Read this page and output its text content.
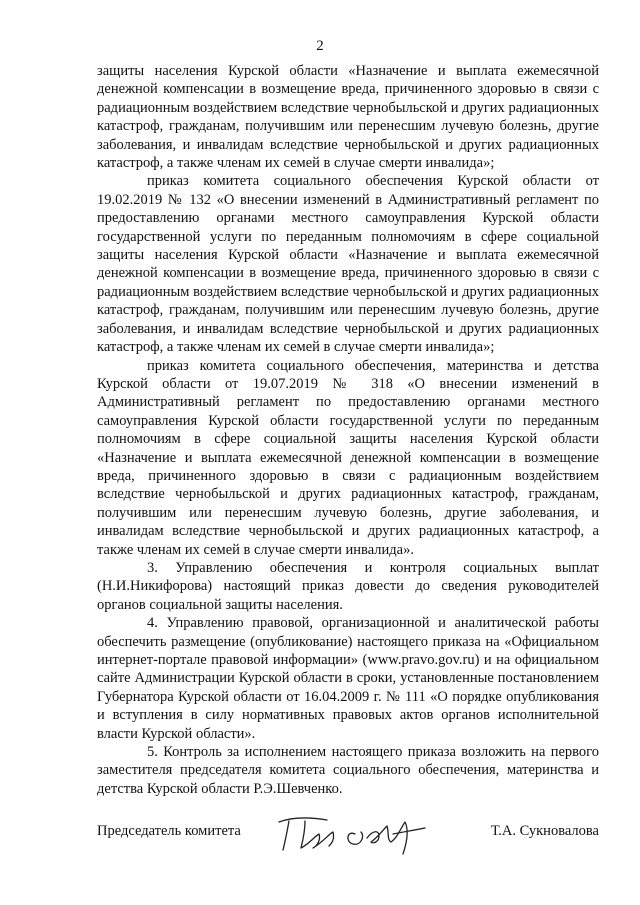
2

защиты населения Курской области «Назначение и выплата ежемесячной денежной компенсации в возмещение вреда, причиненного здоровью в связи с радиационным воздействием вследствие чернобыльской и других радиационных катастроф, гражданам, получившим или перенесшим лучевую болезнь, другие заболевания, и инвалидам вследствие чернобыльской и других радиационных катастроф, а также членам их семей в случае смерти инвалида»;

приказ комитета социального обеспечения Курской области от 19.02.2019 № 132 «О внесении изменений в Административный регламент по предоставлению органами местного самоуправления Курской области государственной услуги по переданным полномочиям в сфере социальной защиты населения Курской области «Назначение и выплата ежемесячной денежной компенсации в возмещение вреда, причиненного здоровью в связи с радиационным воздействием вследствие чернобыльской и других радиационных катастроф, гражданам, получившим или перенесшим лучевую болезнь, другие заболевания, и инвалидам вследствие чернобыльской и других радиационных катастроф, а также членам их семей в случае смерти инвалида»;

приказ комитета социального обеспечения, материнства и детства Курской области от 19.07.2019 № 318 «О внесении изменений в Административный регламент по предоставлению органами местного самоуправления Курской области государственной услуги по переданным полномочиям в сфере социальной защиты населения Курской области «Назначение и выплата ежемесячной денежной компенсации в возмещение вреда, причиненного здоровью в связи с радиационным воздействием вследствие чернобыльской и других радиационных катастроф, гражданам, получившим или перенесшим лучевую болезнь, другие заболевания, и инвалидам вследствие чернобыльской и других радиационных катастроф, а также членам их семей в случае смерти инвалида».

3. Управлению обеспечения и контроля социальных выплат (Н.И.Никифорова) настоящий приказ довести до сведения руководителей органов социальной защиты населения.

4. Управлению правовой, организационной и аналитической работы обеспечить размещение (опубликование) настоящего приказа на «Официальном интернет-портале правовой информации» (www.pravo.gov.ru) и на официальном сайте Администрации Курской области в сроки, установленные постановлением Губернатора Курской области от 16.04.2009 г. № 111 «О порядке опубликования и вступления в силу нормативных правовых актов органов исполнительной власти Курской области».

5. Контроль за исполнением настоящего приказа возложить на первого заместителя председателя комитета социального обеспечения, материнства и детства Курской области Р.Э.Шевченко.

Председатель комитета	Т.А. Сукновалова
